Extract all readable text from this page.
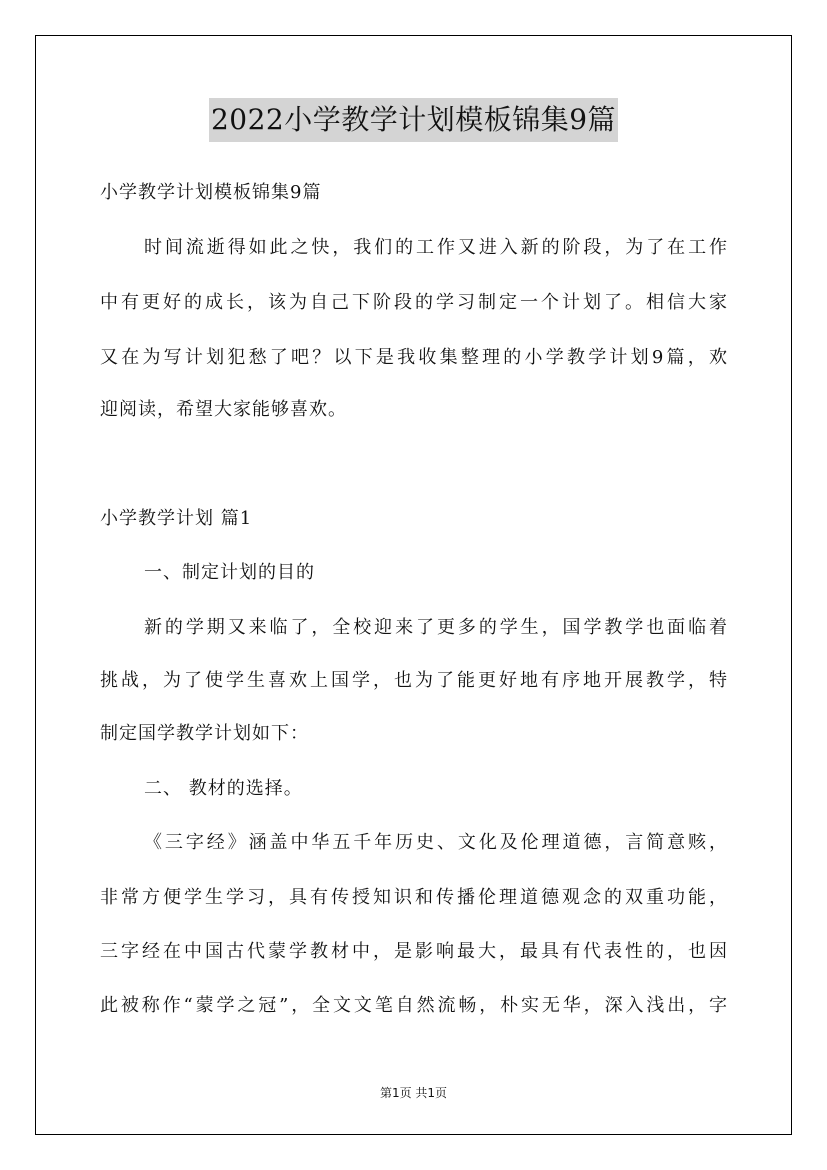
2022小学教学计划模板锦集9篇
小学教学计划模板锦集9篇
时间流逝得如此之快，我们的工作又进入新的阶段，为了在工作
中有更好的成长，该为自己下阶段的学习制定一个计划了。相信大家
又在为写计划犯愁了吧？以下是我收集整理的小学教学计划9篇，欢
迎阅读，希望大家能够喜欢。
小学教学计划 篇1
一、制定计划的目的
新的学期又来临了，全校迎来了更多的学生，国学教学也面临着
挑战，为了使学生喜欢上国学，也为了能更好地有序地开展教学，特
制定国学教学计划如下：
二、 教材的选择。
《三字经》涵盖中华五千年历史、文化及伦理道德，言简意赅，
非常方便学生学习，具有传授知识和传播伦理道德观念的双重功能，
三字经在中国古代蒙学教材中，是影响最大，最具有代表性的，也因
此被称作“蒙学之冠”，全文文笔自然流畅，朴实无华，深入浅出，字
第1页 共1页
